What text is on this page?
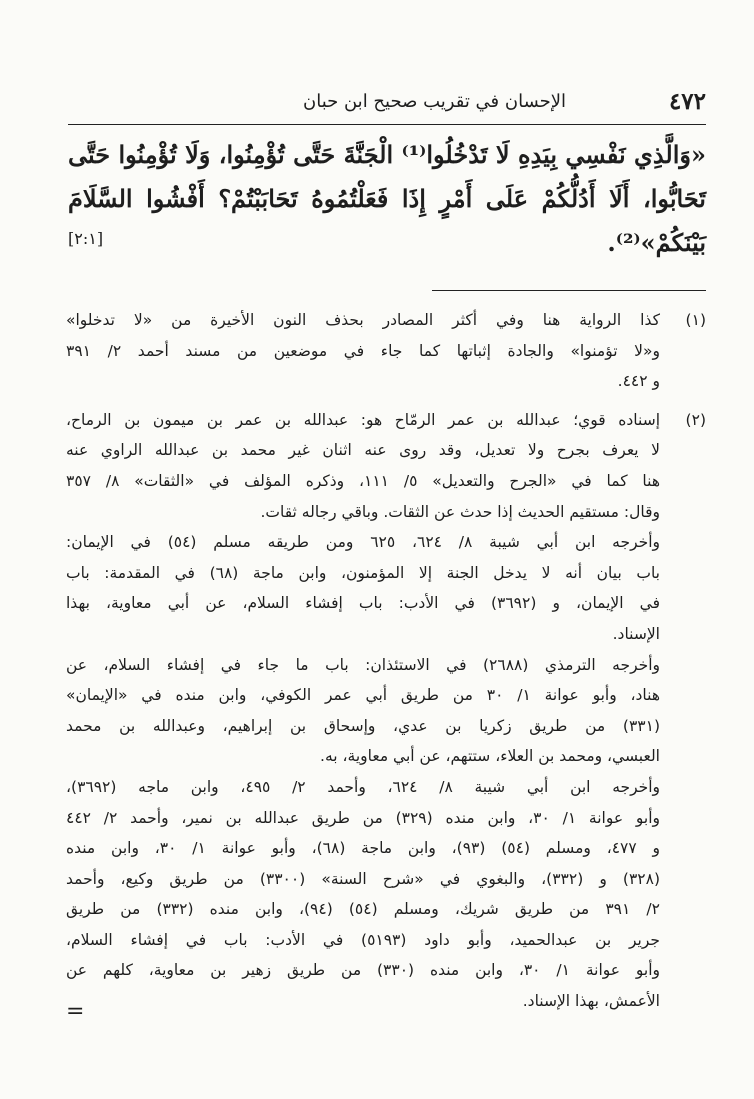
٤٧٢
الإحسان في تقريب صحيح ابن حبان
«وَالَّذِي نَفْسِي بِيَدِهِ لَا تَدْخُلُوا⁽¹⁾ الْجَنَّةَ حَتَّى تُؤْمِنُوا، وَلَا تُؤْمِنُوا حَتَّى
تَحَابُّوا، أَلَا أَدُلُّكُمْ عَلَى أَمْرٍ إِذَا فَعَلْتُمُوهُ تَحَابَبْتُمْ؟ أَفْشُوا السَّلَامَ
بَيْنَكُمْ»⁽²⁾.
[٢:١]
(١)
كذا الرواية هنا وفي أكثر المصادر بحذف النون الأخيرة من «لا تدخلوا»
و«لا تؤمنوا» والجادة إثباتها كما جاء في موضعين من مسند أحمد ٢/ ٣٩١
و ٤٤٢.
(٢)
إسناده قوي؛ عبدالله بن عمر الرمّاح هو: عبدالله بن عمر بن ميمون بن الرماح،
لا يعرف بجرح ولا تعديل، وقد روى عنه اثنان غير محمد بن عبدالله الراوي عنه
هنا كما في «الجرح والتعديل» ٥/ ١١١، وذكره المؤلف في «الثقات» ٨/ ٣٥٧
وقال: مستقيم الحديث إذا حدث عن الثقات. وباقي رجاله ثقات.
وأخرجه ابن أبي شيبة ٨/ ٦٢٤، ٦٢٥ ومن طريقه مسلم (٥٤) في الإيمان:
باب بيان أنه لا يدخل الجنة إلا المؤمنون، وابن ماجة (٦٨) في المقدمة: باب
في الإيمان، و (٣٦٩٢) في الأدب: باب إفشاء السلام، عن أبي معاوية، بهذا
الإسناد.
وأخرجه الترمذي (٢٦٨٨) في الاستئذان: باب ما جاء في إفشاء السلام، عن
هناد، وأبو عوانة ١/ ٣٠ من طريق أبي عمر الكوفي، وابن منده في «الإيمان»
(٣٣١) من طريق زكريا بن عدي، وإسحاق بن إبراهيم، وعبدالله بن محمد
العبسي، ومحمد بن العلاء، ستتهم، عن أبي معاوية، به.
وأخرجه ابن أبي شيبة ٨/ ٦٢٤، وأحمد ٢/ ٤٩٥، وابن ماجه (٣٦٩٢)،
وأبو عوانة ١/ ٣٠، وابن منده (٣٢٩) من طريق عبدالله بن نمير، وأحمد ٢/ ٤٤٢
و ٤٧٧، ومسلم (٥٤) (٩٣)، وابن ماجة (٦٨)، وأبو عوانة ١/ ٣٠، وابن منده
(٣٢٨) و (٣٣٢)، والبغوي في «شرح السنة» (٣٣٠٠) من طريق وكيع، وأحمد
٢/ ٣٩١ من طريق شريك، ومسلم (٥٤) (٩٤)، وابن منده (٣٣٢) من طريق
جرير بن عبدالحميد، وأبو داود (٥١٩٣) في الأدب: باب في إفشاء السلام،
وأبو عوانة ١/ ٣٠، وابن منده (٣٣٠) من طريق زهير بن معاوية، كلهم عن
الأعمش، بهذا الإسناد.
=
